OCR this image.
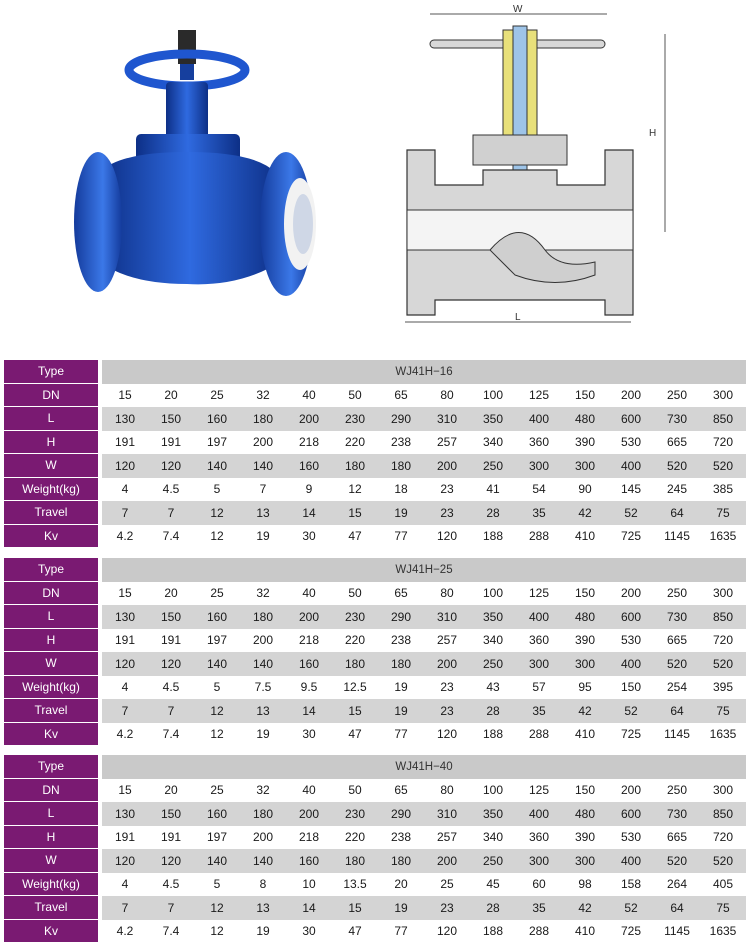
W
H
L
Type		WJ41H−16													
DN		15	20	25	32	40	50	65	80	100	125	150	200	250	300
L		130	150	160	180	200	230	290	310	350	400	480	600	730	850
H		191	191	197	200	218	220	238	257	340	360	390	530	665	720
W		120	120	140	140	160	180	180	200	250	300	300	400	520	520
Weight(kg)		4	4.5	5	7	9	12	18	23	41	54	90	145	245	385
Travel		7	7	12	13	14	15	19	23	28	35	42	52	64	75
Kv		4.2	7.4	12	19	30	47	77	120	188	288	410	725	1145	1635
Type		WJ41H−25													
DN		15	20	25	32	40	50	65	80	100	125	150	200	250	300
L		130	150	160	180	200	230	290	310	350	400	480	600	730	850
H		191	191	197	200	218	220	238	257	340	360	390	530	665	720
W		120	120	140	140	160	180	180	200	250	300	300	400	520	520
Weight(kg)		4	4.5	5	7.5	9.5	12.5	19	23	43	57	95	150	254	395
Travel		7	7	12	13	14	15	19	23	28	35	42	52	64	75
Kv		4.2	7.4	12	19	30	47	77	120	188	288	410	725	1145	1635
Type		WJ41H−40													
DN		15	20	25	32	40	50	65	80	100	125	150	200	250	300
L		130	150	160	180	200	230	290	310	350	400	480	600	730	850
H		191	191	197	200	218	220	238	257	340	360	390	530	665	720
W		120	120	140	140	160	180	180	200	250	300	300	400	520	520
Weight(kg)		4	4.5	5	8	10	13.5	20	25	45	60	98	158	264	405
Travel		7	7	12	13	14	15	19	23	28	35	42	52	64	75
Kv		4.2	7.4	12	19	30	47	77	120	188	288	410	725	1145	1635
